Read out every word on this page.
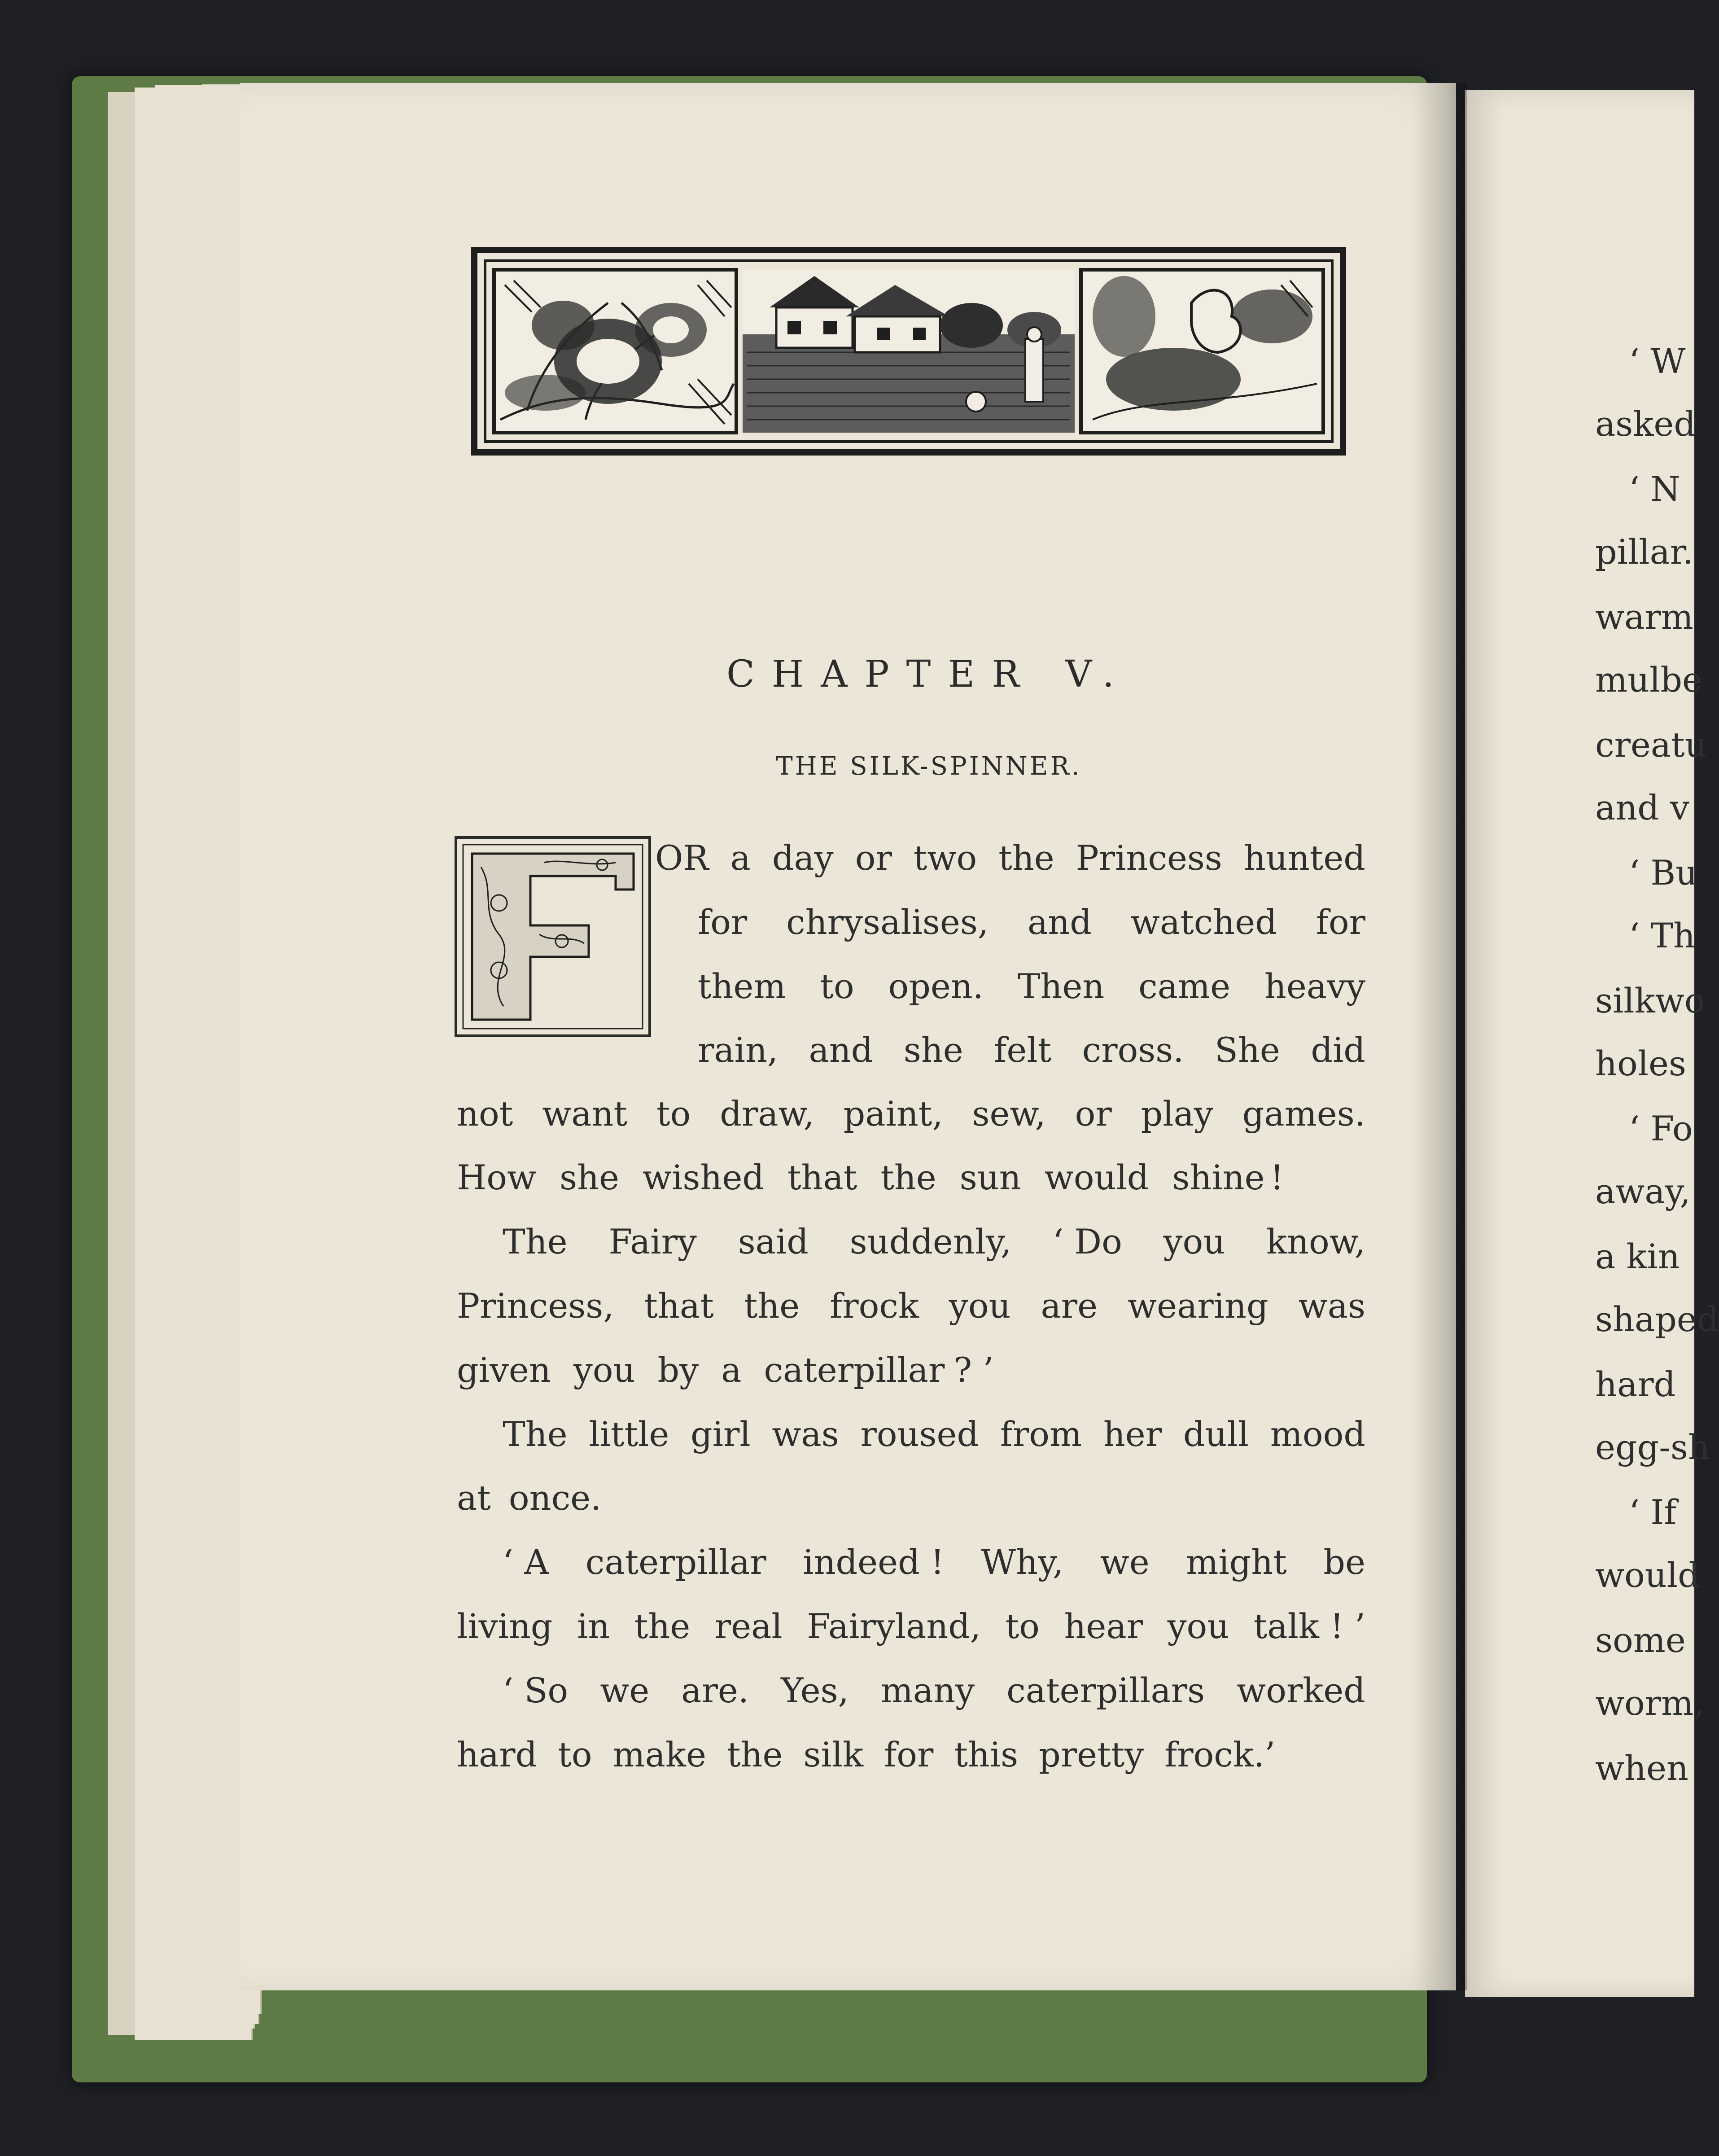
CHAPTER V.
THE SILK-SPINNER.
OR a day or two the Princess hunted
for chrysalises, and watched for
them to open. Then came heavy
rain, and she felt cross. She did
not want to draw, paint, sew, or play games.
How she wished that the sun would shine !
The Fairy said suddenly, ‘ Do you know,
Princess, that the frock you are wearing was
given you by a caterpillar ? ’
The little girl was roused from her dull mood
at once.
‘ A caterpillar indeed ! Why, we might be
living in the real Fairyland, to hear you talk ! ’
‘ So we are. Yes, many caterpillars worked
hard to make the silk for this pretty frock.’
‘ W
asked
‘ N
pillar.
warm
mulbe
creatu
and v
‘ Bu
‘ Th
silkwo
holes
‘ Fo
away,
a kin
shaped
hard
egg-sh
‘ If
would
some
worm,
when
